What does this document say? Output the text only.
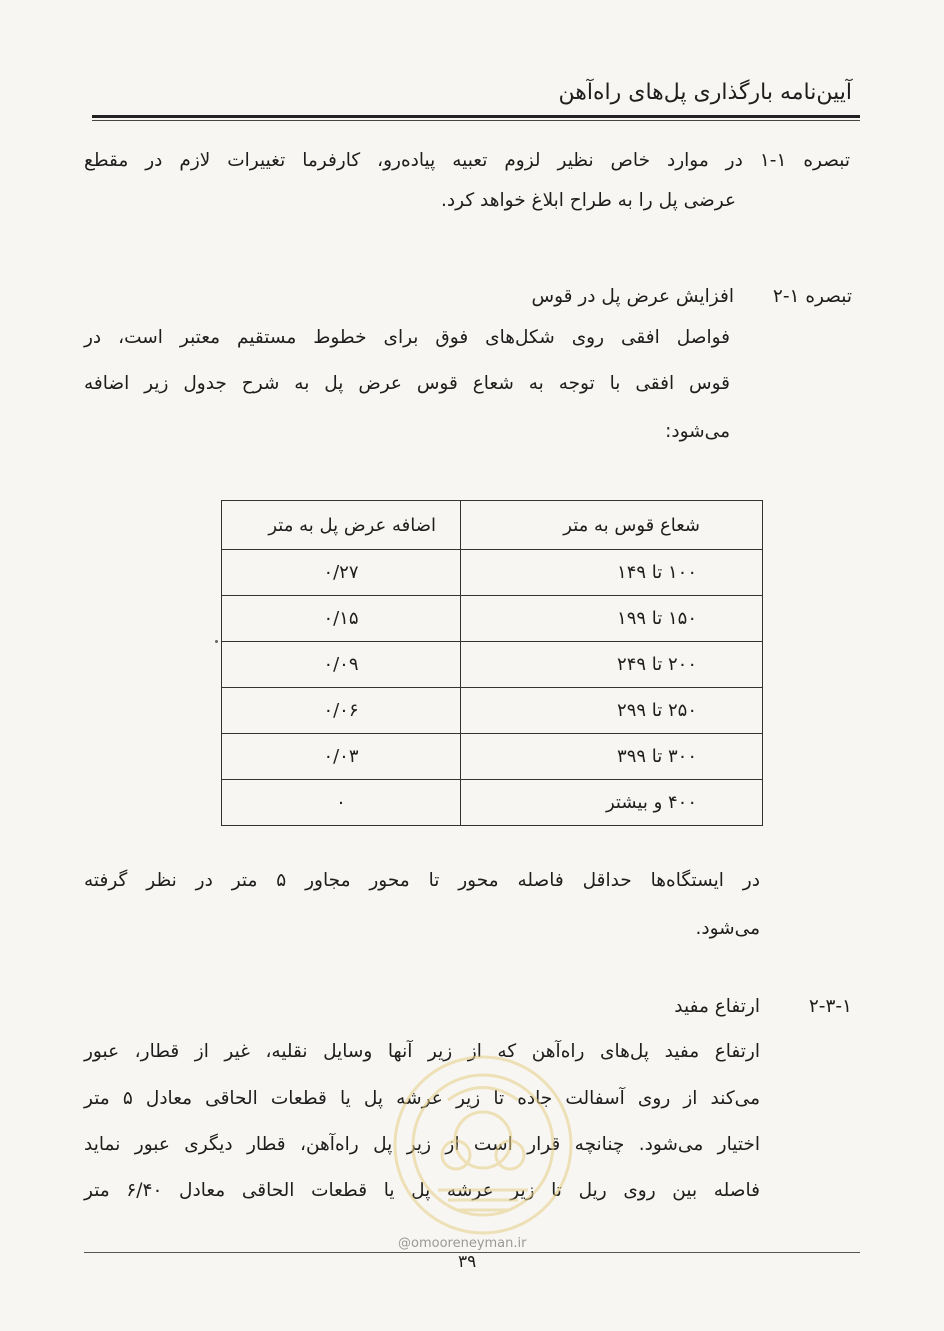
آیین‌نامه بارگذاری پل‌های راه‌آهن
تبصره ۱-۱ در موارد خاص نظیر لزوم تعبیه پیاده‌رو، کارفرما تغییرات لازم در مقطع
عرضی پل را به طراح ابلاغ خواهد کرد.
تبصره ۱-۲
افزایش عرض پل در قوس
فواصل افقی روی شکل‌های فوق برای خطوط مستقیم معتبر است، در
قوس افقی با توجه به شعاع قوس عرض پل به شرح جدول زیر اضافه
می‌شود:
شعاع قوس به متر	اضافه عرض پل به متر
۱۰۰ تا ۱۴۹	۰/۲۷
۱۵۰ تا ۱۹۹	۰/۱۵
۲۰۰ تا ۲۴۹	۰/۰۹
۲۵۰ تا ۲۹۹	۰/۰۶
۳۰۰ تا ۳۹۹	۰/۰۳
۴۰۰ و بیشتر	۰
در ایستگاه‌ها حداقل فاصله محور تا محور مجاور ۵ متر در نظر گرفته
می‌شود.
۲-۳-۱
ارتفاع مفید
ارتفاع مفید پل‌های راه‌آهن که از زیر آنها وسایل نقلیه، غیر از قطار، عبور
می‌کند از روی آسفالت جاده تا زیر عرشه پل یا قطعات الحاقی معادل ۵ متر
اختیار می‌شود. چنانچه قرار است از زیر پل راه‌آهن، قطار دیگری عبور نماید
فاصله بین روی ریل تا زیر عرشه پل یا قطعات الحاقی معادل ۶/۴۰ متر
@omooreneyman.ir
۳۹
